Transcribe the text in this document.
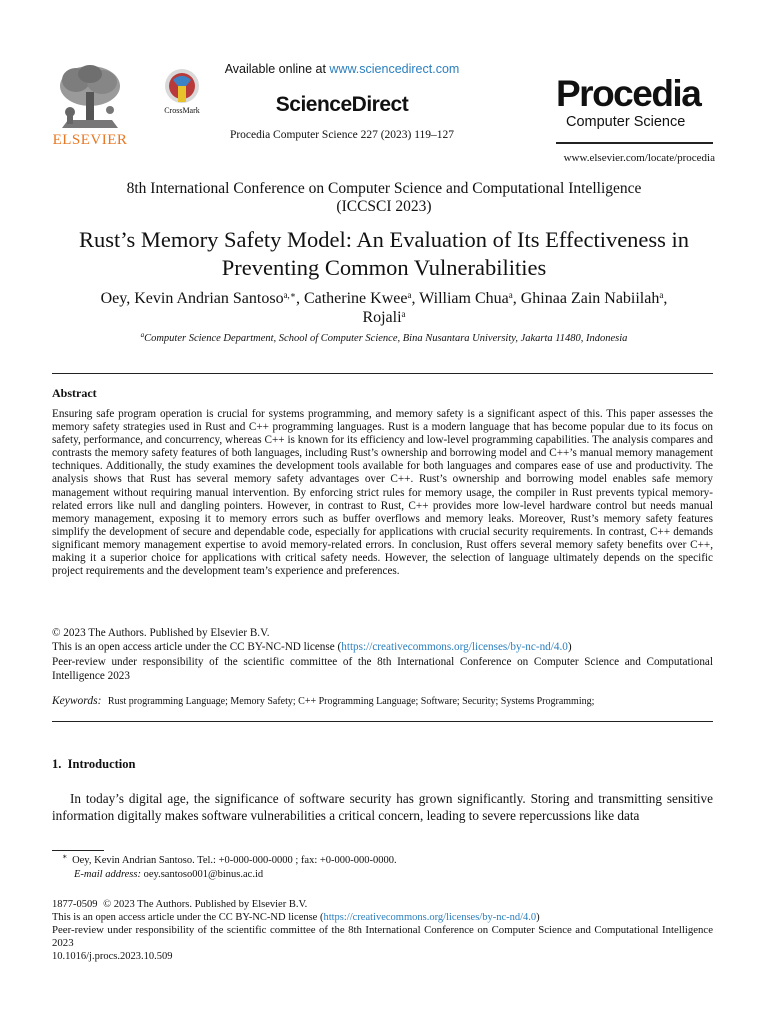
ELSEVIER
CrossMark
Available online at www.sciencedirect.com
ScienceDirect
Procedia Computer Science 227 (2023) 119–127
Procedia
Computer Science
www.elsevier.com/locate/procedia
8th International Conference on Computer Science and Computational Intelligence
(ICCSCI 2023)
Rust’s Memory Safety Model: An Evaluation of Its Effectiveness in
Preventing Common Vulnerabilities
Oey, Kevin Andrian Santoso$^{a,∗}$, Catherine Kwee$^a$, William Chua$^a$, Ghinaa Zain Nabiilah$^a$,
Rojali$^a$
$^a$Computer Science Department, School of Computer Science, Bina Nusantara University, Jakarta 11480, Indonesia
Abstract
Ensuring safe program operation is crucial for systems programming, and memory safety is a significant aspect of this. This paper assesses the memory safety strategies used in Rust and C++ programming languages. Rust is a modern language that has become popular due to its focus on safety, performance, and concurrency, whereas C++ is known for its efficiency and low-level programming capabilities. The analysis compares and contrasts the memory safety features of both languages, including Rust’s ownership and borrowing model and C++’s manual memory management techniques. Additionally, the study examines the development tools available for both languages and compares ease of use and productivity. The analysis shows that Rust has several memory safety advantages over C++. Rust’s ownership and borrowing model enables safe memory management without requiring manual intervention. By enforcing strict rules for memory usage, the compiler in Rust prevents typical memory-related errors like null and dangling pointers. However, in contrast to Rust, C++ provides more low-level hardware control but needs manual memory management, exposing it to memory errors such as buffer overflows and memory leaks. Moreover, Rust’s memory safety features simplify the development of secure and dependable code, especially for applications with crucial security requirements. In contrast, C++ demands significant memory management expertise to avoid memory-related errors. In conclusion, Rust offers several memory safety benefits over C++, making it a superior choice for applications with critical safety needs. However, the selection of language ultimately depends on the specific project requirements and the development team’s experience and preferences.
© 2023 The Authors. Published by Elsevier B.V.
This is an open access article under the CC BY-NC-ND license (https://creativecommons.org/licenses/by-nc-nd/4.0)
Peer-review under responsibility of the scientific committee of the 8th International Conference on Computer Science and Computational Intelligence 2023
Keywords: Rust programming Language; Memory Safety; C++ Programming Language; Software; Security; Systems Programming;
1.  Introduction
In today’s digital age, the significance of software security has grown significantly. Storing and transmitting sensitive information digitally makes software vulnerabilities a critical concern, leading to severe repercussions like data
∗ Oey, Kevin Andrian Santoso. Tel.: +0-000-000-0000 ; fax: +0-000-000-0000.
E-mail address: oey.santoso001@binus.ac.id
1877-0509 © 2023 The Authors. Published by Elsevier B.V.
This is an open access article under the CC BY-NC-ND license (https://creativecommons.org/licenses/by-nc-nd/4.0)
Peer-review under responsibility of the scientific committee of the 8th International Conference on Computer Science and Computational Intelligence 2023
10.1016/j.procs.2023.10.509
